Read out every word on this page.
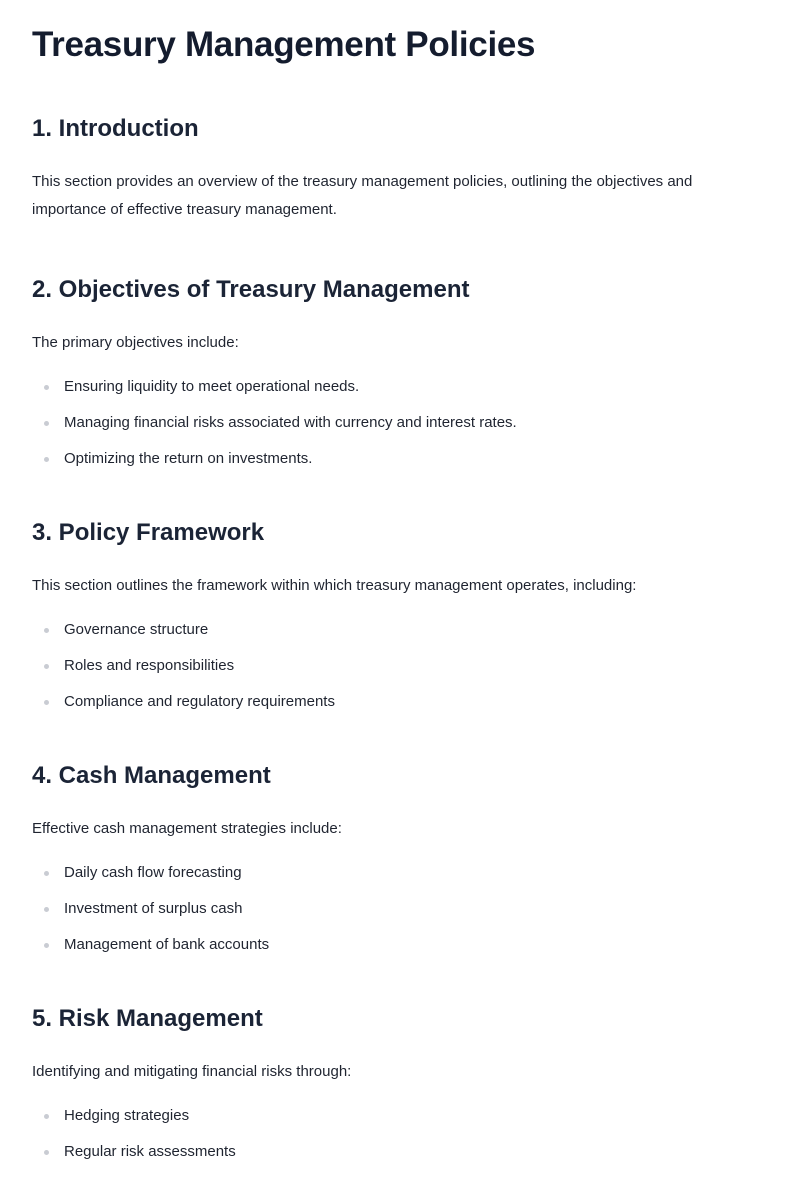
Treasury Management Policies
1. Introduction

This section provides an overview of the treasury management policies, outlining the objectives and importance of effective treasury management.

2. Objectives of Treasury Management

The primary objectives include:

Ensuring liquidity to meet operational needs.
Managing financial risks associated with currency and interest rates.
Optimizing the return on investments.
3. Policy Framework

This section outlines the framework within which treasury management operates, including:

Governance structure
Roles and responsibilities
Compliance and regulatory requirements
4. Cash Management

Effective cash management strategies include:

Daily cash flow forecasting
Investment of surplus cash
Management of bank accounts
5. Risk Management

Identifying and mitigating financial risks through:

Hedging strategies
Regular risk assessments
